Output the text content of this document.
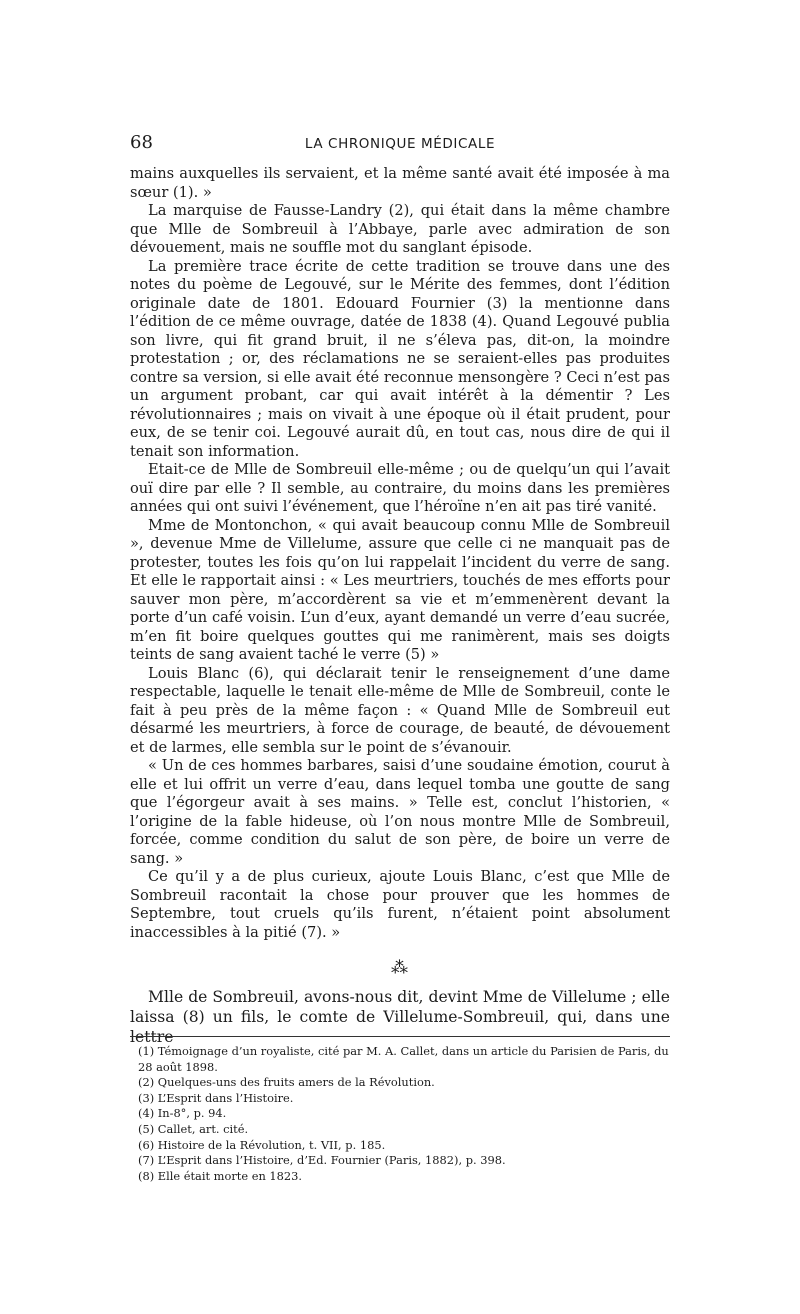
68	LA CHRONIQUE MÉDICALE

mains auxquelles ils servaient, et la même santé avait été imposée à ma sœur (1). »

La marquise de Fausse-Landry (2), qui était dans la même chambre que Mlle de Sombreuil à l’Abbaye, parle avec admiration de son dévouement, mais ne souffle mot du sanglant épisode.

La première trace écrite de cette tradition se trouve dans une des notes du poème de Legouvé, sur le Mérite des femmes, dont l’édition originale date de 1801. Edouard Fournier (3) la mentionne dans l’édition de ce même ouvrage, datée de 1838 (4). Quand Legouvé publia son livre, qui fit grand bruit, il ne s’éleva pas, dit-on, la moindre protestation ; or, des réclamations ne se seraient-elles pas produites contre sa version, si elle avait été reconnue mensongère ? Ceci n’est pas un argument probant, car qui avait intérêt à la démentir ? Les révolutionnaires ; mais on vivait à une époque où il était prudent, pour eux, de se tenir coi. Legouvé aurait dû, en tout cas, nous dire de qui il tenait son information.

Etait-ce de Mlle de Sombreuil elle-même ; ou de quelqu’un qui l’avait ouï dire par elle ? Il semble, au contraire, du moins dans les premières années qui ont suivi l’événement, que l’héroïne n’en ait pas tiré vanité.

Mme de Montonchon, « qui avait beaucoup connu Mlle de Sombreuil », devenue Mme de Villelume, assure que celle ci ne manquait pas de protester, toutes les fois qu’on lui rappelait l’incident du verre de sang. Et elle le rapportait ainsi : « Les meurtriers, touchés de mes efforts pour sauver mon père, m’accordèrent sa vie et m’emmenèrent devant la porte d’un café voisin. L’un d’eux, ayant demandé un verre d’eau sucrée, m’en fit boire quelques gouttes qui me ranimèrent, mais ses doigts teints de sang avaient taché le verre (5) »

Louis Blanc (6), qui déclarait tenir le renseignement d’une dame respectable, laquelle le tenait elle-même de Mlle de Sombreuil, conte le fait à peu près de la même façon : « Quand Mlle de Sombreuil eut désarmé les meurtriers, à force de courage, de beauté, de dévouement et de larmes, elle sembla sur le point de s’évanouir.

« Un de ces hommes barbares, saisi d’une soudaine émotion, courut à elle et lui offrit un verre d’eau, dans lequel tomba une goutte de sang que l’égorgeur avait à ses mains. » Telle est, conclut l’historien, « l’origine de la fable hideuse, où l’on nous montre Mlle de Sombreuil, forcée, comme condition du salut de son père, de boire un verre de sang. »

Ce qu’il y a de plus curieux, ajoute Louis Blanc, c’est que Mlle de Sombreuil racontait la chose pour prouver que les hommes de Septembre, tout cruels qu’ils furent, n’étaient point absolument inaccessibles à la pitié (7). »

⁂

Mlle de Sombreuil, avons-nous dit, devint Mme de Villelume ; elle laissa (8) un fils, le comte de Villelume-Sombreuil, qui, dans une lettre

(1) Témoignage d’un royaliste, cité par M. A. Callet, dans un article du Parisien de Paris, du 28 août 1898.

(2) Quelques-uns des fruits amers de la Révolution.

(3) L’Esprit dans l’Histoire.

(4) In-8°, p. 94.

(5) Callet, art. cité.

(6) Histoire de la Révolution, t. VII, p. 185.

(7) L’Esprit dans l’Histoire, d’Ed. Fournier (Paris, 1882), p. 398.

(8) Elle était morte en 1823.
